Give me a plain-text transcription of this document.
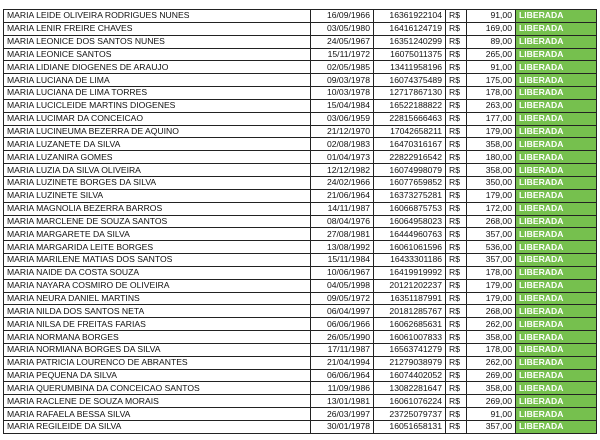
MARIA LEIDE OLIVEIRA RODRIGUES NUNES	16/09/1966	16361922104	R$	91,00	LIBERADA
MARIA LENIR FREIRE CHAVES	03/05/1980	16416124719	R$	169,00	LIBERADA
MARIA LEONICE DOS SANTOS NUNES	24/05/1967	16351240299	R$	89,00	LIBERADA
MARIA LEONICE SANTOS	15/11/1972	16075011375	R$	265,00	LIBERADA
MARIA LIDIANE DIOGENES DE ARAUJO	02/05/1985	13411958196	R$	91,00	LIBERADA
MARIA LUCIANA DE LIMA	09/03/1978	16074375489	R$	175,00	LIBERADA
MARIA LUCIANA DE LIMA TORRES	10/03/1978	12717867130	R$	178,00	LIBERADA
MARIA LUCICLEIDE MARTINS DIOGENES	15/04/1984	16522188822	R$	263,00	LIBERADA
MARIA LUCIMAR DA CONCEICAO	03/06/1959	22815666463	R$	177,00	LIBERADA
MARIA LUCINEUMA BEZERRA DE AQUINO	21/12/1970	17042658211	R$	179,00	LIBERADA
MARIA LUZANETE DA SILVA	02/08/1983	16470316167	R$	358,00	LIBERADA
MARIA LUZANIRA GOMES	01/04/1973	22822916542	R$	180,00	LIBERADA
MARIA LUZIA DA SILVA OLIVEIRA	12/12/1982	16074998079	R$	358,00	LIBERADA
MARIA LUZINETE BORGES DA SILVA	24/02/1966	16077659852	R$	350,00	LIBERADA
MARIA LUZINETE SILVA	21/06/1964	16373275281	R$	179,00	LIBERADA
MARIA MAGNOLIA BEZERRA BARROS	14/11/1987	16066875753	R$	172,00	LIBERADA
MARIA MARCLENE DE SOUZA SANTOS	08/04/1976	16064958023	R$	268,00	LIBERADA
MARIA MARGARETE DA SILVA	27/08/1981	16444960763	R$	357,00	LIBERADA
MARIA MARGARIDA LEITE BORGES	13/08/1992	16061061596	R$	536,00	LIBERADA
MARIA MARILENE MATIAS DOS SANTOS	15/11/1984	16433301186	R$	357,00	LIBERADA
MARIA NAIDE DA COSTA SOUZA	10/06/1967	16419919992	R$	178,00	LIBERADA
MARIA NAYARA COSMIRO DE OLIVEIRA	04/05/1998	20121202237	R$	179,00	LIBERADA
MARIA NEURA DANIEL MARTINS	09/05/1972	16351187991	R$	179,00	LIBERADA
MARIA NILDA DOS SANTOS NETA	06/04/1997	20181285767	R$	268,00	LIBERADA
MARIA NILSA DE FREITAS FARIAS	06/06/1966	16062685631	R$	262,00	LIBERADA
MARIA NORMANA BORGES	26/05/1990	16061007833	R$	358,00	LIBERADA
MARIA NORMIANA BORGES DA SILVA	17/11/1987	16563741279	R$	178,00	LIBERADA
MARIA PATRICIA LOURENCO DE ABRANTES	21/04/1994	21279038979	R$	262,00	LIBERADA
MARIA PEQUENA DA SILVA	06/06/1964	16074402052	R$	269,00	LIBERADA
MARIA QUERUMBINA DA CONCEICAO SANTOS	11/09/1986	13082281647	R$	358,00	LIBERADA
MARIA RACLENE DE SOUZA MORAIS	13/01/1981	16061076224	R$	269,00	LIBERADA
MARIA RAFAELA BESSA SILVA	26/03/1997	23725079737	R$	91,00	LIBERADA
MARIA REGILEIDE DA SILVA	30/01/1978	16051658131	R$	357,00	LIBERADA
